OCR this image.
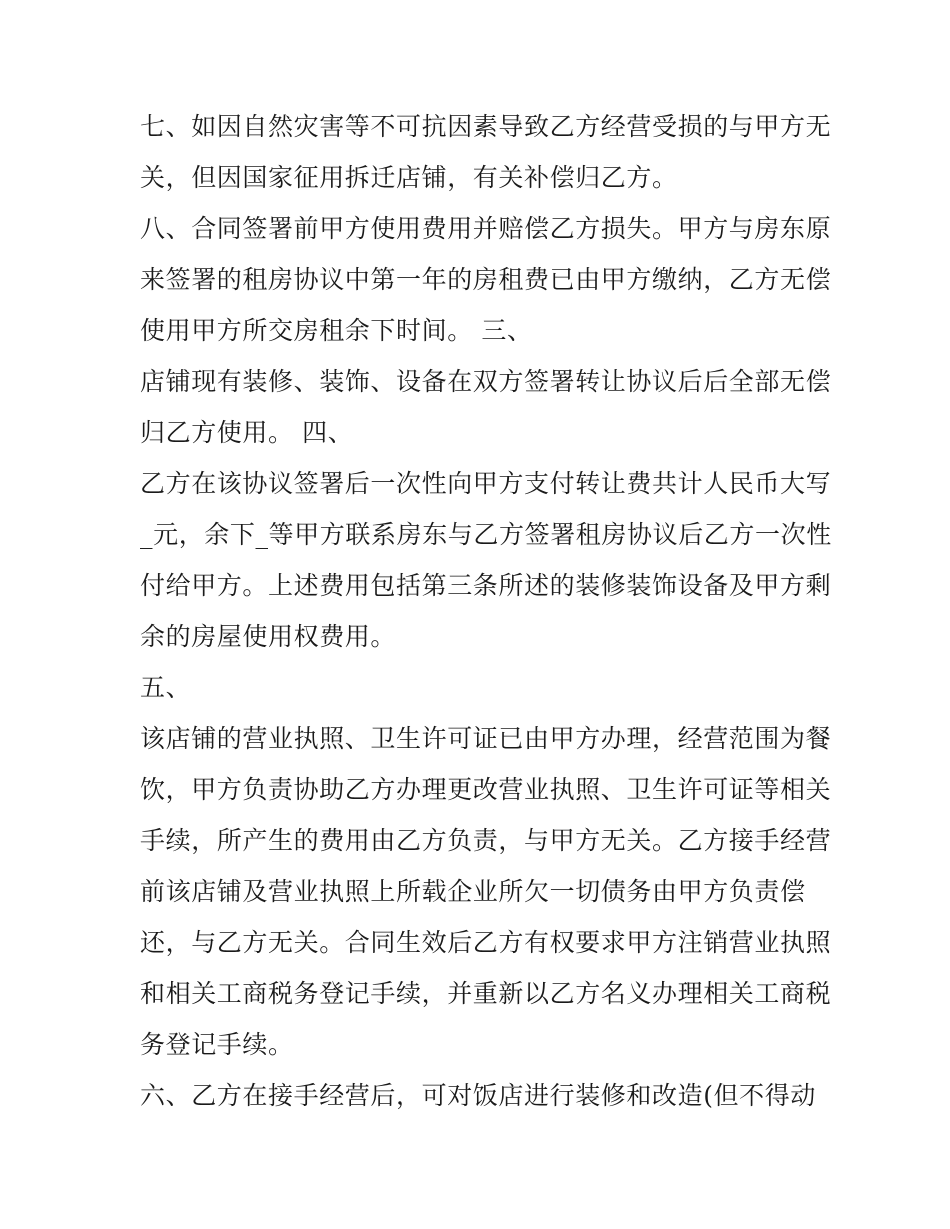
七、如因自然灾害等不可抗因素导致乙方经营受损的与甲方无
关，但因国家征用拆迁店铺，有关补偿归乙方。
八、合同签署前甲方使用费用并赔偿乙方损失。甲方与房东原
来签署的租房协议中第一年的房租费已由甲方缴纳，乙方无偿
使用甲方所交房租余下时间。 三、
店铺现有装修、装饰、设备在双方签署转让协议后后全部无偿
归乙方使用。 四、
乙方在该协议签署后一次性向甲方支付转让费共计人民币大写
_元，余下_等甲方联系房东与乙方签署租房协议后乙方一次性
付给甲方。上述费用包括第三条所述的装修装饰设备及甲方剩
余的房屋使用权费用。
五、
该店铺的营业执照、卫生许可证已由甲方办理，经营范围为餐
饮，甲方负责协助乙方办理更改营业执照、卫生许可证等相关
手续，所产生的费用由乙方负责，与甲方无关。乙方接手经营
前该店铺及营业执照上所载企业所欠一切债务由甲方负责偿
还，与乙方无关。合同生效后乙方有权要求甲方注销营业执照
和相关工商税务登记手续，并重新以乙方名义办理相关工商税
务登记手续。
六、乙方在接手经营后，可对饭店进行装修和改造(但不得动
